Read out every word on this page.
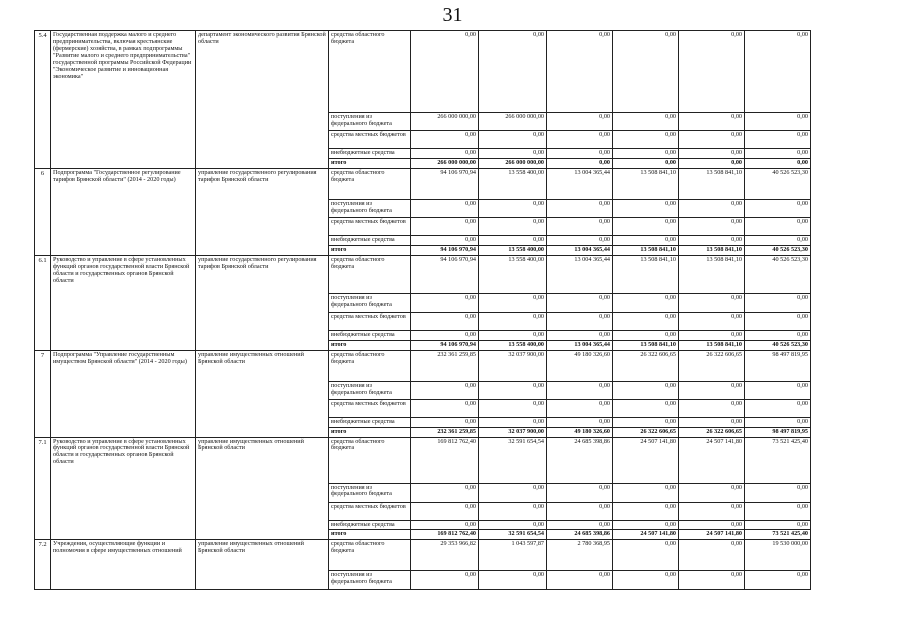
31
5.4	Государственная поддержка малого и среднего предпринимательства, включая крестьянские (фермерские) хозяйства, в рамках подпрограммы "Развитие малого и среднего предпринимательства" государственной программы Российской Федерации "Экономическое развитие и инновационная экономика"	департамент экономического развития Брянской области	средства областного бюджета	0,00	0,00	0,00	0,00	0,00	0,00
			поступления из федерального бюджета	266 000 000,00	266 000 000,00	0,00	0,00	0,00	0,00
			средства местных бюджетов	0,00	0,00	0,00	0,00	0,00	0,00
			внебюджетные средства	0,00	0,00	0,00	0,00	0,00	0,00
			итого	266 000 000,00	266 000 000,00	0,00	0,00	0,00	0,00
6	Подпрограмма "Государственное регулирование тарифов Брянской области" (2014 - 2020 годы)	управление государственного регулирования тарифов Брянской области	средства областного бюджета	94 106 970,94	13 558 400,00	13 004 365,44	13 508 841,10	13 508 841,10	40 526 523,30
			поступления из федерального бюджета	0,00	0,00	0,00	0,00	0,00	0,00
			средства местных бюджетов	0,00	0,00	0,00	0,00	0,00	0,00
			внебюджетные средства	0,00	0,00	0,00	0,00	0,00	0,00
			итого	94 106 970,94	13 558 400,00	13 004 365,44	13 508 841,10	13 508 841,10	40 526 523,30
6.1	Руководство и управление в сфере установленных функций органов государственной власти Брянской области и государственных органов Брянской области	управление государственного регулирования тарифов Брянской области	средства областного бюджета	94 106 970,94	13 558 400,00	13 004 365,44	13 508 841,10	13 508 841,10	40 526 523,30
			поступления из федерального бюджета	0,00	0,00	0,00	0,00	0,00	0,00
			средства местных бюджетов	0,00	0,00	0,00	0,00	0,00	0,00
			внебюджетные средства	0,00	0,00	0,00	0,00	0,00	0,00
			итого	94 106 970,94	13 558 400,00	13 004 365,44	13 508 841,10	13 508 841,10	40 526 523,30
7	Подпрограмма "Управление государственным имуществом Брянской области" (2014 - 2020 годы)	управление имущественных отношений Брянской области	средства областного бюджета	232 361 259,85	32 037 900,00	49 180 326,60	26 322 606,65	26 322 606,65	98 497 819,95
			поступления из федерального бюджета	0,00	0,00	0,00	0,00	0,00	0,00
			средства местных бюджетов	0,00	0,00	0,00	0,00	0,00	0,00
			внебюджетные средства	0,00	0,00	0,00	0,00	0,00	0,00
			итого	232 361 259,85	32 037 900,00	49 180 326,60	26 322 606,65	26 322 606,65	98 497 819,95
7.1	Руководство и управление в сфере установленных функций органов государственной власти Брянской области и государственных органов Брянской области	управление имущественных отношений Брянской области	средства областного бюджета	169 812 762,40	32 591 654,54	24 685 398,86	24 507 141,80	24 507 141,80	73 521 425,40
			поступления из федерального бюджета	0,00	0,00	0,00	0,00	0,00	0,00
			средства местных бюджетов	0,00	0,00	0,00	0,00	0,00	0,00
			внебюджетные средства	0,00	0,00	0,00	0,00	0,00	0,00
			итого	169 812 762,40	32 591 654,54	24 685 398,86	24 507 141,80	24 507 141,80	73 521 425,40
7.2	Учреждения, осуществляющие функции и полномочия в сфере имущественных отношений	управление имущественных отношений Брянской области	средства областного бюджета	29 353 966,82	1 043 597,87	2 780 368,95	0,00	0,00	19 530 000,00
			поступления из федерального бюджета	0,00	0,00	0,00	0,00	0,00	0,00
